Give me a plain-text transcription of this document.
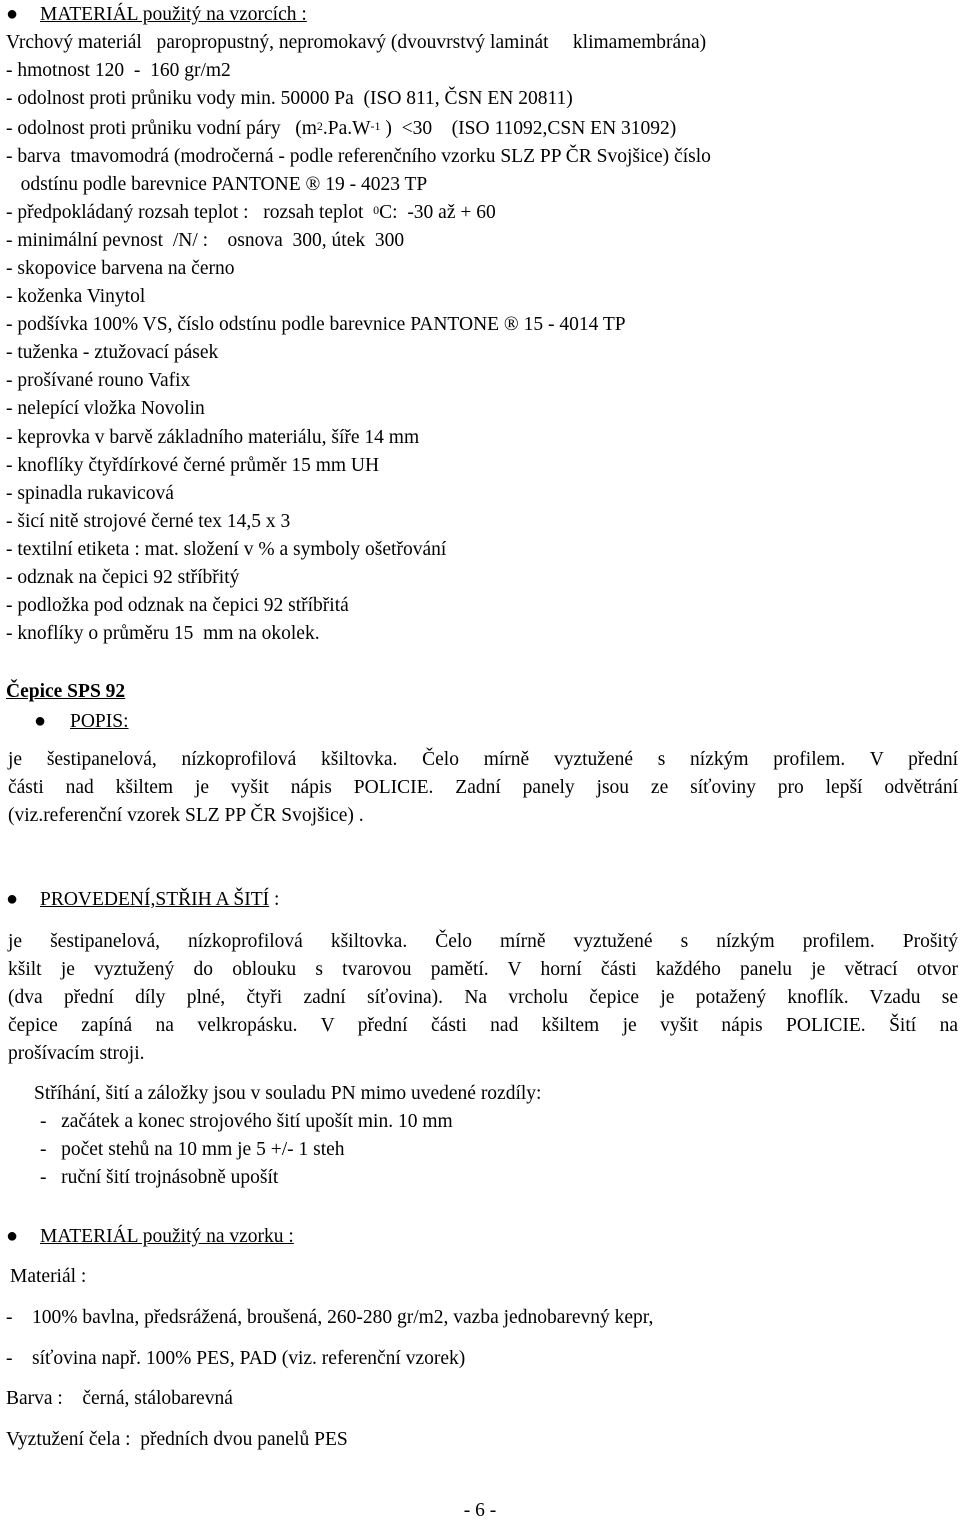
● MATERIÁL použitý na vzorcích :
Vrchový materiál   paropropustný, nepromokavý (dvouvrstvý laminát     klimamembrána)
- hmotnost 120  -  160 gr/m2
- odolnost proti průniku vody min. 50000 Pa  (ISO 811, ČSN EN 20811)
- odolnost proti průniku vodní páry   ($m^2.Pa.W^{-1}$ )  <30    (ISO 11092,CSN EN 31092)
- barva  tmavomodrá (modročerná - podle referenčního vzorku SLZ PP ČR Svojšice) číslo
odstínu podle barevnice PANTONE ® 19 - 4023 TP
- předpokládaný rozsah teplot :   rozsah teplot  $^0$C:  -30 až + 60
- minimální pevnost  /N/ :    osnova  300, útek  300
- skopovice barvena na černo
- koženka Vinytol
- podšívka 100% VS, číslo odstínu podle barevnice PANTONE ® 15 - 4014 TP
- tuženka - ztužovací pásek
- prošívané rouno Vafix
- nelepící vložka Novolin
- keprovka v barvě základního materiálu, šíře 14 mm
- knoflíky čtyřdírkové černé průměr 15 mm UH
- spinadla rukavicová
- šicí nitě strojové černé tex 14,5 x 3
- textilní etiketa : mat. složení v % a symboly ošetřování
- odznak na čepici 92 stříbřitý
- podložka pod odznak na čepici 92 stříbřitá
- knoflíky o průměru 15  mm na okolek.
Čepice SPS 92
● POPIS:
je šestipanelová, nízkoprofilová kšiltovka. Čelo mírně vyztužené s nízkým profilem. V přední
části nad kšiltem je vyšit nápis POLICIE. Zadní panely jsou ze síťoviny pro lepší odvětrání
(viz.referenční vzorek SLZ PP ČR Svojšice) .
● PROVEDENÍ,STŘIH A ŠITÍ :
je šestipanelová, nízkoprofilová kšiltovka. Čelo mírně vyztužené s nízkým profilem. Prošitý
kšilt je vyztužený do oblouku s tvarovou pamětí. V horní části každého panelu je větrací otvor
(dva přední díly plné, čtyři zadní síťovina). Na vrcholu čepice je potažený knoflík. Vzadu se
čepice zapíná na velkropásku. V přední části nad kšiltem je vyšit nápis POLICIE. Šití na
prošívacím stroji.
Stříhání, šití a záložky jsou v souladu PN mimo uvedené rozdíly:
-   začátek a konec strojového šití upošít min. 10 mm
-   počet stehů na 10 mm je 5 +/- 1 steh
-   ruční šití trojnásobně upošít
● MATERIÁL použitý na vzorku :
Materiál :
-    100% bavlna, předsrážená, broušená, 260-280 gr/m2, vazba jednobarevný kepr,
-    síťovina např. 100% PES, PAD (viz. referenční vzorek)
Barva :    černá, stálobarevná
Vyztužení čela :  předních dvou panelů PES
- 6 -
